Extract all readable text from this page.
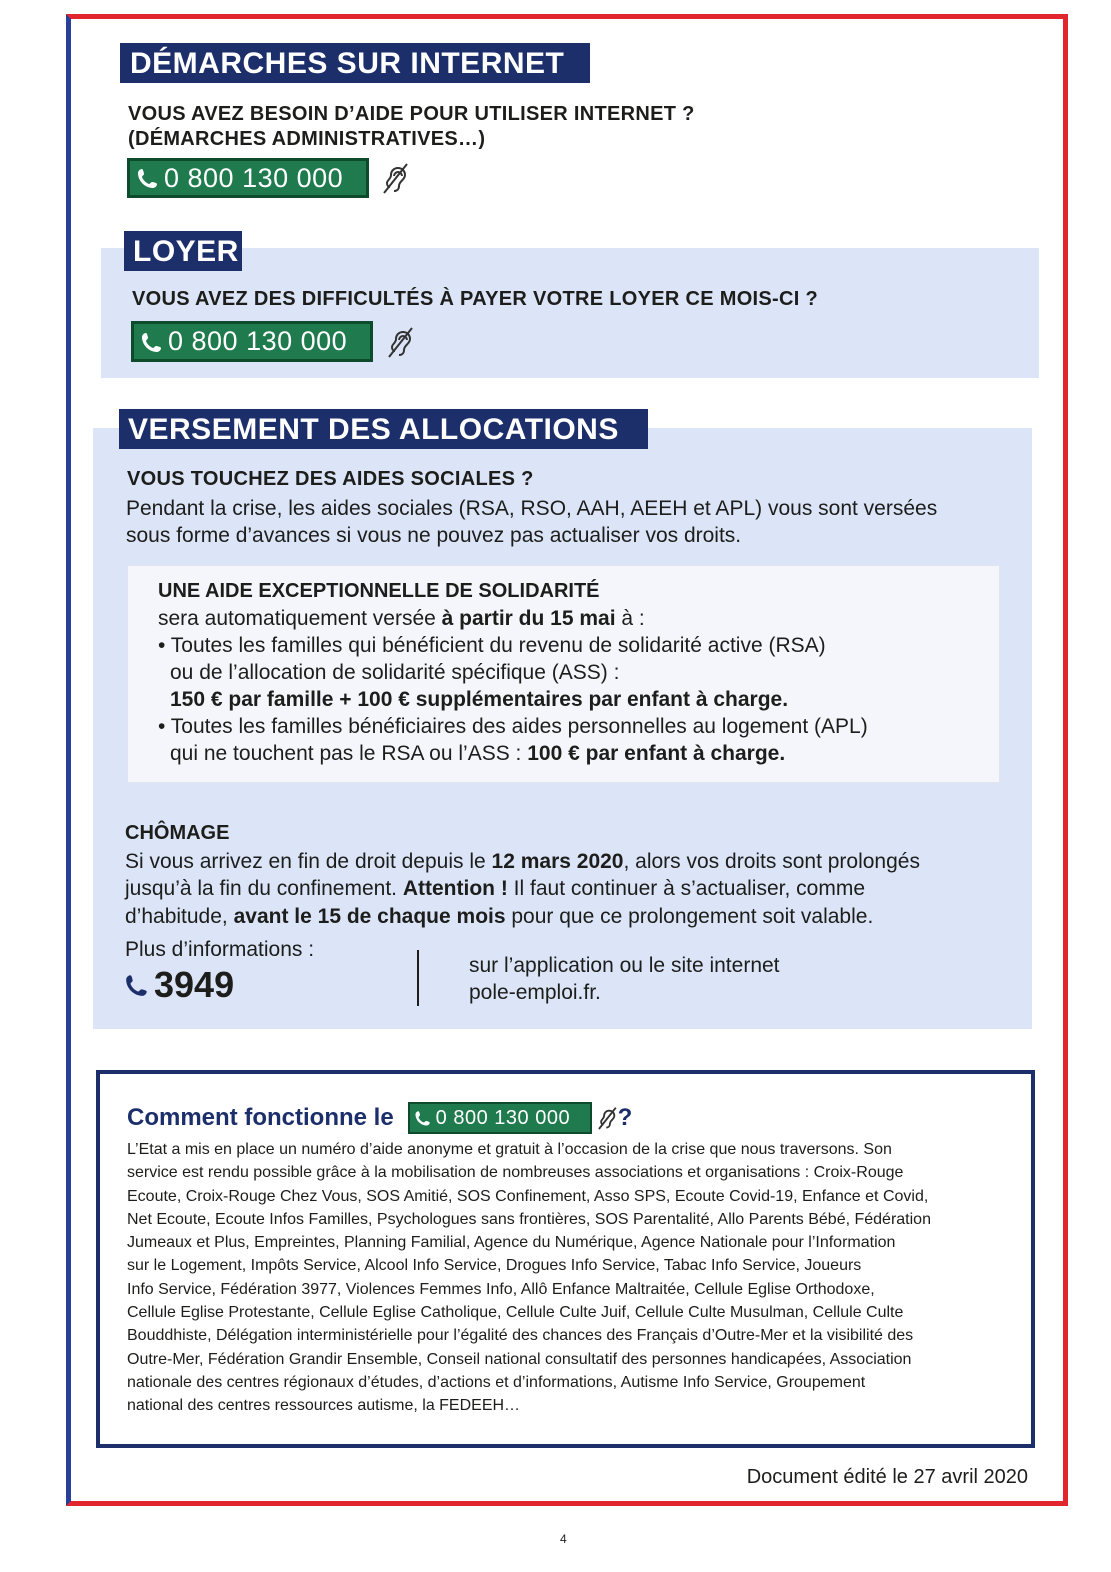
DÉMARCHES SUR INTERNET
VOUS AVEZ BESOIN D’AIDE POUR UTILISER INTERNET ?
(DÉMARCHES ADMINISTRATIVES…)
0 800 130 000
LOYER
VOUS AVEZ DES DIFFICULTÉS À PAYER VOTRE LOYER CE MOIS-CI ?
0 800 130 000
VERSEMENT DES ALLOCATIONS
VOUS TOUCHEZ DES AIDES SOCIALES ?
Pendant la crise, les aides sociales (RSA, RSO, AAH, AEEH et APL) vous sont versées
sous forme d’avances si vous ne pouvez pas actualiser vos droits.
UNE AIDE EXCEPTIONNELLE DE SOLIDARITÉ
sera automatiquement versée à partir du 15 mai à :
• Toutes les familles qui bénéficient du revenu de solidarité active (RSA)
ou de l’allocation de solidarité spécifique (ASS) :
150 € par famille + 100 € supplémentaires par enfant à charge.
• Toutes les familles bénéficiaires des aides personnelles au logement (APL)
qui ne touchent pas le RSA ou l’ASS : 100 € par enfant à charge.
CHÔMAGE
Si vous arrivez en fin de droit depuis le 12 mars 2020, alors vos droits sont prolongés
jusqu’à la fin du confinement. Attention ! Il faut continuer à s’actualiser, comme
d’habitude, avant le 15 de chaque mois pour que ce prolongement soit valable.
Plus d’informations :
3949	sur l’application ou le site internet
pole-emploi.fr.
Comment fonctionne le 0 800 130 000 ?
L’Etat a mis en place un numéro d’aide anonyme et gratuit à l’occasion de la crise que nous traversons. Son
service est rendu possible grâce à la mobilisation de nombreuses associations et organisations : Croix-Rouge
Ecoute, Croix-Rouge Chez Vous, SOS Amitié, SOS Confinement, Asso SPS, Ecoute Covid-19, Enfance et Covid,
Net Ecoute, Ecoute Infos Familles, Psychologues sans frontières, SOS Parentalité, Allo Parents Bébé, Fédération
Jumeaux et Plus, Empreintes, Planning Familial, Agence du Numérique, Agence Nationale pour l’Information
sur le Logement, Impôts Service, Alcool Info Service, Drogues Info Service, Tabac Info Service, Joueurs
Info Service, Fédération 3977, Violences Femmes Info, Allô Enfance Maltraitée, Cellule Eglise Orthodoxe,
Cellule Eglise Protestante, Cellule Eglise Catholique, Cellule Culte Juif, Cellule Culte Musulman, Cellule Culte
Bouddhiste, Délégation interministérielle pour l’égalité des chances des Français d’Outre-Mer et la visibilité des
Outre-Mer, Fédération Grandir Ensemble, Conseil national consultatif des personnes handicapées, Association
nationale des centres régionaux d’études, d’actions et d’informations, Autisme Info Service, Groupement
national des centres ressources autisme, la FEDEEH…
Document édité le 27 avril 2020
4
